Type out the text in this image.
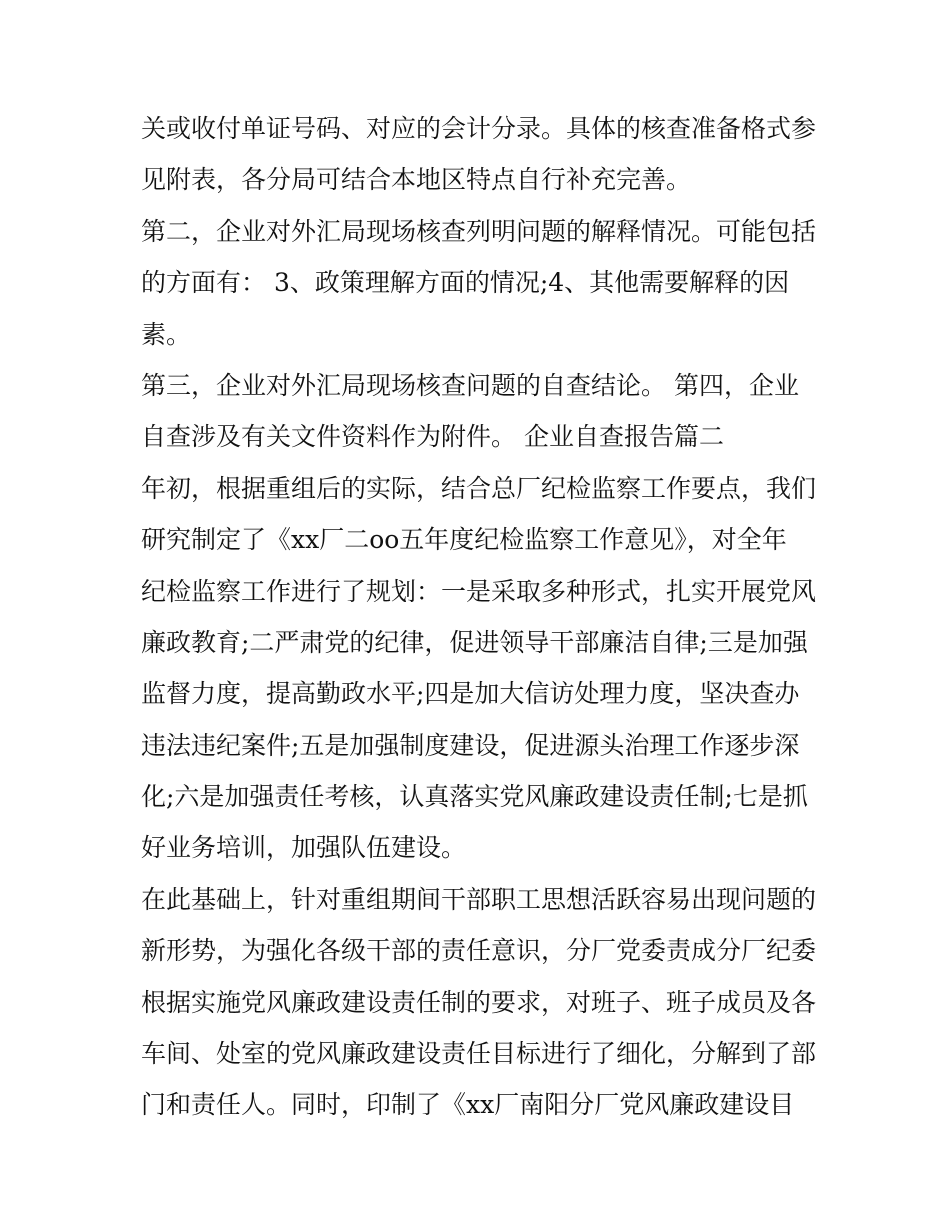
关或收付单证号码、对应的会计分录。具体的核查准备格式参
见附表，各分局可结合本地区特点自行补充完善。
第二，企业对外汇局现场核查列明问题的解释情况。可能包括
的方面有： 3、政策理解方面的情况;4、其他需要解释的因
素。
第三，企业对外汇局现场核查问题的自查结论。 第四，企业
自查涉及有关文件资料作为附件。 企业自查报告篇二
年初，根据重组后的实际，结合总厂纪检监察工作要点，我们
研究制定了《xx厂二oo五年度纪检监察工作意见》，对全年
纪检监察工作进行了规划：一是采取多种形式，扎实开展党风
廉政教育;二严肃党的纪律，促进领导干部廉洁自律;三是加强
监督力度，提高勤政水平;四是加大信访处理力度，坚决查办
违法违纪案件;五是加强制度建设，促进源头治理工作逐步深
化;六是加强责任考核，认真落实党风廉政建设责任制;七是抓
好业务培训，加强队伍建设。
在此基础上，针对重组期间干部职工思想活跃容易出现问题的
新形势，为强化各级干部的责任意识，分厂党委责成分厂纪委
根据实施党风廉政建设责任制的要求，对班子、班子成员及各
车间、处室的党风廉政建设责任目标进行了细化，分解到了部
门和责任人。同时，印制了《xx厂南阳分厂党风廉政建设目
